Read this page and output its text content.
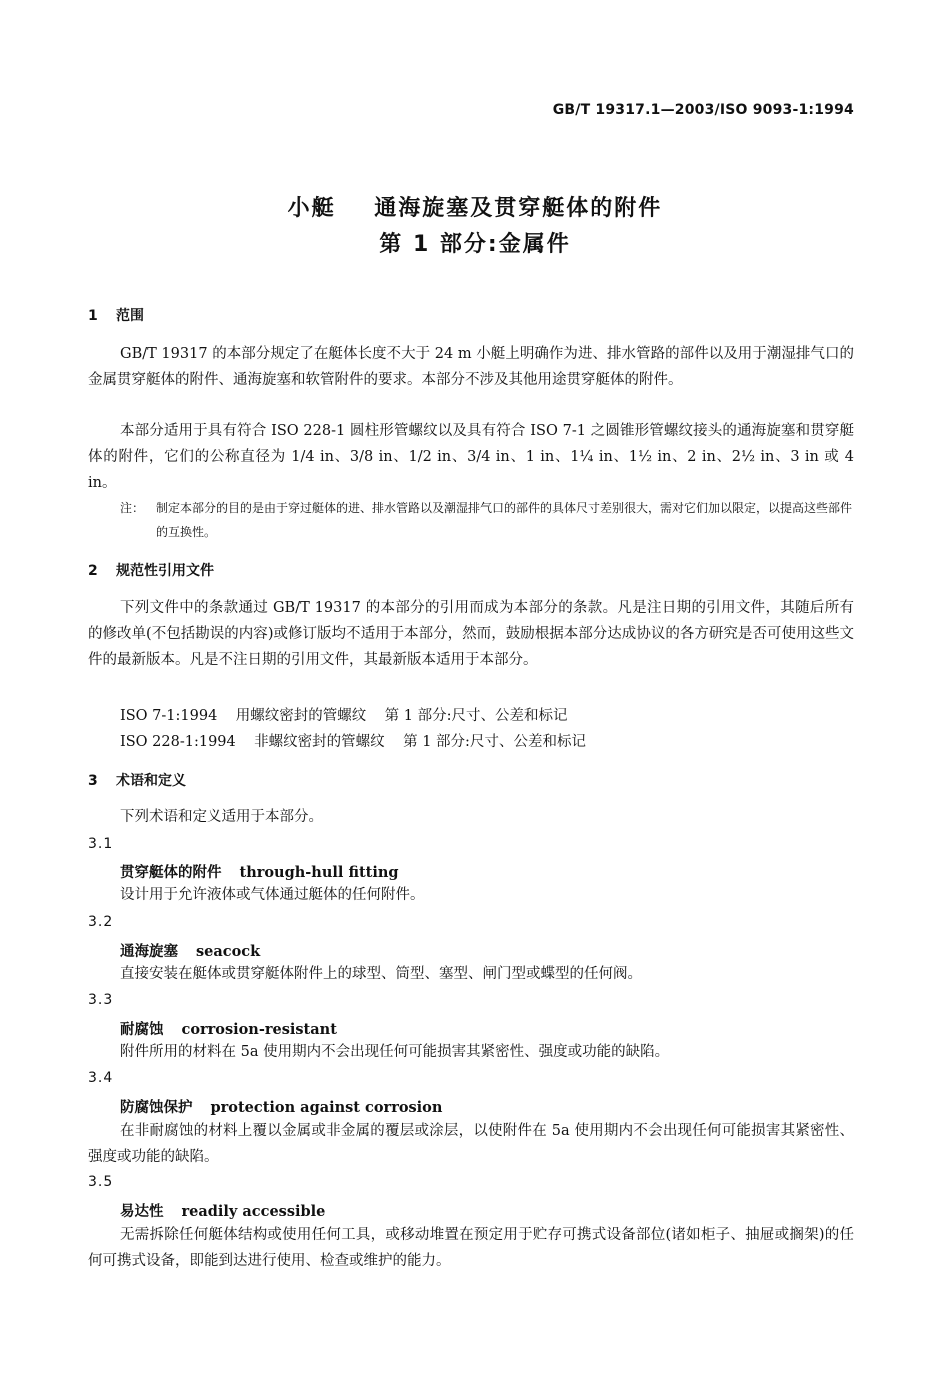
GB/T 19317.1—2003/ISO 9093-1:1994
小艇    通海旋塞及贯穿艇体的附件
第 1 部分:金属件
1 范围
GB/T 19317 的本部分规定了在艇体长度不大于 24 m 小艇上明确作为进、排水管路的部件以及用于潮湿排气口的金属贯穿艇体的附件、通海旋塞和软管附件的要求。本部分不涉及其他用途贯穿艇体的附件。
本部分适用于具有符合 ISO 228-1 圆柱形管螺纹以及具有符合 ISO 7-1 之圆锥形管螺纹接头的通海旋塞和贯穿艇体的附件，它们的公称直径为 1/4 in、3/8 in、1/2 in、3/4 in、1 in、1¼ in、1½ in、2 in、2½ in、3 in 或 4 in。
注： 制定本部分的目的是由于穿过艇体的进、排水管路以及潮湿排气口的部件的具体尺寸差别很大，需对它们加以限定，以提高这些部件的互换性。
2 规范性引用文件
下列文件中的条款通过 GB/T 19317 的本部分的引用而成为本部分的条款。凡是注日期的引用文件，其随后所有的修改单(不包括勘误的内容)或修订版均不适用于本部分，然而，鼓励根据本部分达成协议的各方研究是否可使用这些文件的最新版本。凡是不注日期的引用文件，其最新版本适用于本部分。
ISO 7-1:1994    用螺纹密封的管螺纹    第 1 部分:尺寸、公差和标记
ISO 228-1:1994    非螺纹密封的管螺纹    第 1 部分:尺寸、公差和标记
3 术语和定义
下列术语和定义适用于本部分。
3.1
贯穿艇体的附件 through-hull fitting
设计用于允许液体或气体通过艇体的任何附件。
3.2
通海旋塞 seacock
直接安装在艇体或贯穿艇体附件上的球型、筒型、塞型、闸门型或蝶型的任何阀。
3.3
耐腐蚀 corrosion-resistant
附件所用的材料在 5a 使用期内不会出现任何可能损害其紧密性、强度或功能的缺陷。
3.4
防腐蚀保护 protection against corrosion
在非耐腐蚀的材料上覆以金属或非金属的覆层或涂层，以使附件在 5a 使用期内不会出现任何可能损害其紧密性、强度或功能的缺陷。
3.5
易达性 readily accessible
无需拆除任何艇体结构或使用任何工具，或移动堆置在预定用于贮存可携式设备部位(诸如柜子、抽屉或搁架)的任何可携式设备，即能到达进行使用、检查或维护的能力。
